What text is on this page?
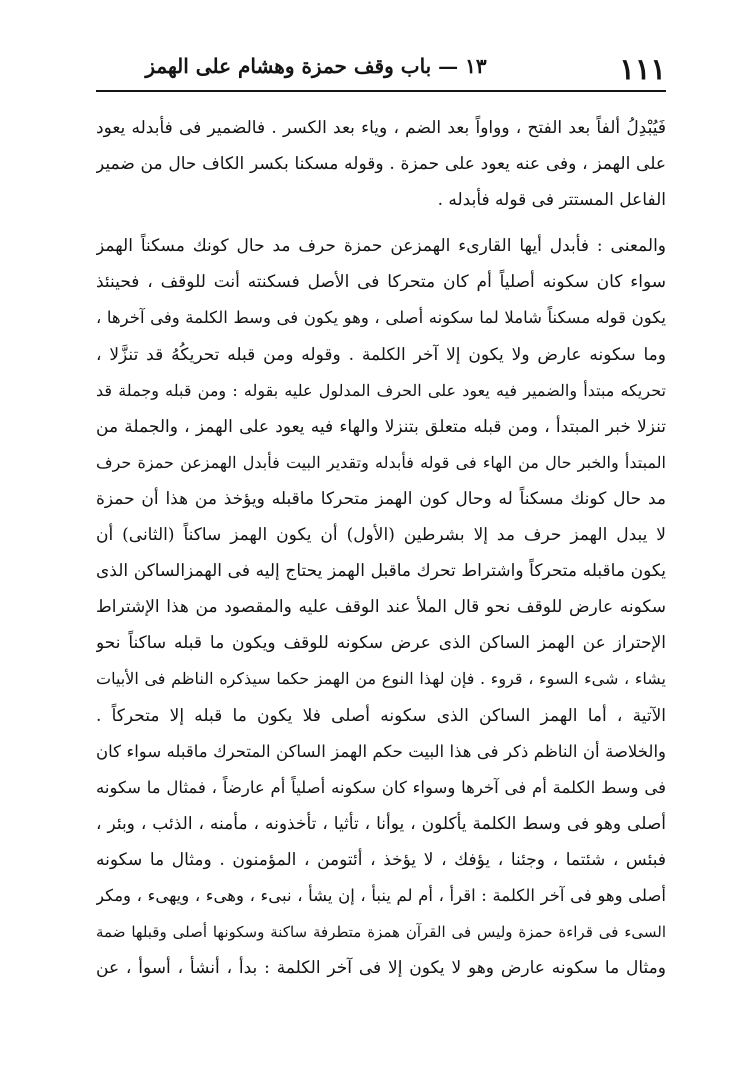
١١١
١٣ — باب وقف حمزة وهشام على الهمز
فَيُبْدِلُ ألفاً بعد الفتح ، وواواً بعد الضم ، وياء بعد الكسر . فالضمير فى فأبدله يعود
على الهمز ، وفى عنه يعود على حمزة . وقوله مسكنا بكسر الكاف حال من ضمير
الفاعل المستتر فى قوله فأبدله .
والمعنى : فأبدل أيها القارىء الهمزعن حمزة حرف مد حال كونك مسكناً الهمز
سواء كان سكونه أصلياً أم كان متحركا فى الأصل فسكنته أنت للوقف ، فحينئذ
يكون قوله مسكناً شاملا لما سكونه أصلى ، وهو يكون فى وسط الكلمة وفى آخرها ،
وما سكونه عارض ولا يكون إلا آخر الكلمة . وقوله ومن قبله تحريكُهُ قد تنزَّلا ،
تحريكه مبتدأ والضمير فيه يعود على الحرف المدلول عليه بقوله : ومن قبله وجملة قد
تنزلا خبر المبتدأ ، ومن قبله متعلق بتنزلا والهاء فيه يعود على الهمز ، والجملة من
المبتدأ والخبر حال من الهاء فى قوله فأبدله وتقدير البيت فأبدل الهمزعن حمزة حرف
مد حال كونك مسكناً له وحال كون الهمز متحركا ماقبله ويؤخذ من هذا أن حمزة
لا يبدل الهمز حرف مد إلا بشرطين (الأول) أن يكون الهمز ساكناً (الثانى) أن
يكون ماقبله متحركاً واشتراط تحرك ماقبل الهمز يحتاج إليه فى الهمزالساكن الذى
سكونه عارض للوقف نحو قال الملأ عند الوقف عليه والمقصود من هذا الإشتراط
الإحتراز عن الهمز الساكن الذى عرض سكونه للوقف ويكون ما قبله ساكناً نحو
يشاء ، شىء السوء ، قروء . فإن لهذا النوع من الهمز حكما سيذكره الناظم فى الأبيات
الآتية ، أما الهمز الساكن الذى سكونه أصلى فلا يكون ما قبله إلا متحركاً .
والخلاصة أن الناظم ذكر فى هذا البيت حكم الهمز الساكن المتحرك ماقبله سواء كان
فى وسط الكلمة أم فى آخرها وسواء كان سكونه أصلياً أم عارضاً ، فمثال ما سكونه
أصلى وهو فى وسط الكلمة يأكلون ، يوأنا ، تأثيا ، تأخذونه ، مأمنه ، الذئب ، وبئر ،
فبئس ، شئتما ، وجئنا ، يؤفك ، لا يؤخذ ، أئتومن ، المؤمنون . ومثال ما سكونه
أصلى وهو فى آخر الكلمة : اقرأ ، أم لم ينبأ ، إن يشأ ، نبىء ، وهىء ، ويهىء ، ومكر
السىء فى قراءة حمزة وليس فى القرآن همزة متطرفة ساكنة وسكونها أصلى وقبلها ضمة
ومثال ما سكونه عارض وهو لا يكون إلا فى آخر الكلمة : بدأ ، أنشأ ، أسوأ ، عن
